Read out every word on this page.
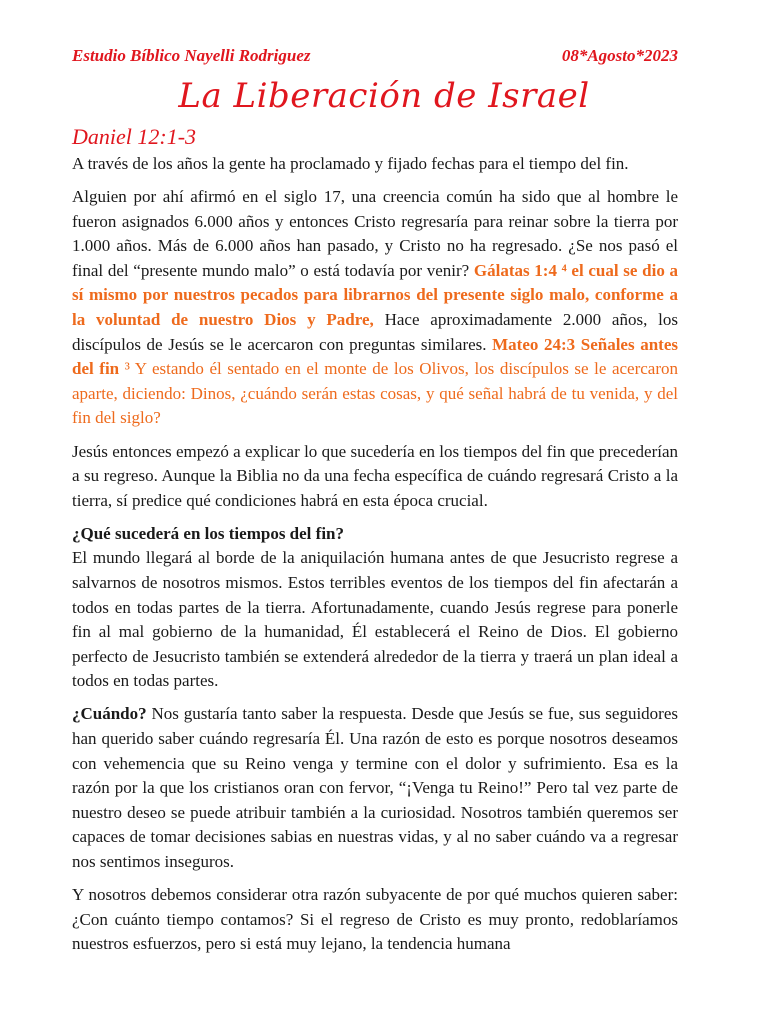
Estudio Bíblico Nayelli Rodriguez	08*Agosto*2023
La Liberación de Israel
Daniel 12:1-3

A través de los años la gente ha proclamado y fijado fechas para el tiempo del fin.

Alguien por ahí afirmó en el siglo 17, una creencia común ha sido que al hombre le fueron asignados 6.000 años y entonces Cristo regresaría para reinar sobre la tierra por 1.000 años. Más de 6.000 años han pasado, y Cristo no ha regresado. ¿Se nos pasó el final del “presente mundo malo” o está todavía por venir? Gálatas 1:4 ⁴ el cual se dio a sí mismo por nuestros pecados para librarnos del presente siglo malo, conforme a la voluntad de nuestro Dios y Padre, Hace aproximadamente 2.000 años, los discípulos de Jesús se le acercaron con preguntas similares. Mateo 24:3 Señales antes del fin ³ Y estando él sentado en el monte de los Olivos, los discípulos se le acercaron aparte, diciendo: Dinos, ¿cuándo serán estas cosas, y qué señal habrá de tu venida, y del fin del siglo?

Jesús entonces empezó a explicar lo que sucedería en los tiempos del fin que precederían a su regreso. Aunque la Biblia no da una fecha específica de cuándo regresará Cristo a la tierra, sí predice qué condiciones habrá en esta época crucial.

¿Qué sucederá en los tiempos del fin?

El mundo llegará al borde de la aniquilación humana antes de que Jesucristo regrese a salvarnos de nosotros mismos. Estos terribles eventos de los tiempos del fin afectarán a todos en todas partes de la tierra. Afortunadamente, cuando Jesús regrese para ponerle fin al mal gobierno de la humanidad, Él establecerá el Reino de Dios. El gobierno perfecto de Jesucristo también se extenderá alrededor de la tierra y traerá un plan ideal a todos en todas partes.

¿Cuándo? Nos gustaría tanto saber la respuesta. Desde que Jesús se fue, sus seguidores han querido saber cuándo regresaría Él. Una razón de esto es porque nosotros deseamos con vehemencia que su Reino venga y termine con el dolor y sufrimiento. Esa es la razón por la que los cristianos oran con fervor, “¡Venga tu Reino!” Pero tal vez parte de nuestro deseo se puede atribuir también a la curiosidad. Nosotros también queremos ser capaces de tomar decisiones sabias en nuestras vidas, y al no saber cuándo va a regresar nos sentimos inseguros.

Y nosotros debemos considerar otra razón subyacente de por qué muchos quieren saber: ¿Con cuánto tiempo contamos? Si el regreso de Cristo es muy pronto, redoblaríamos nuestros esfuerzos, pero si está muy lejano, la tendencia humana
